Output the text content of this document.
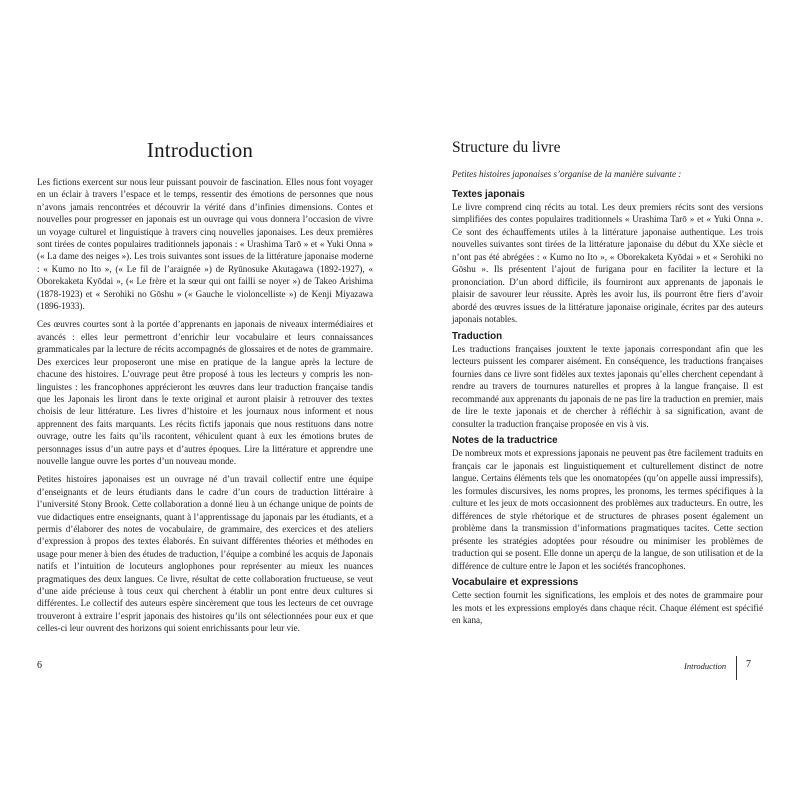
Introduction

Les fictions exercent sur nous leur puissant pouvoir de fascination. Elles nous font voyager en un éclair à travers l’espace et le temps, ressentir des émotions de personnes que nous n’avons jamais rencontrées et découvrir la vérité dans d’infinies dimensions. Contes et nouvelles pour progresser en japonais est un ouvrage qui vous donnera l’occasion de vivre un voyage culturel et linguistique à travers cinq nouvelles japonaises. Les deux premières sont tirées de contes populaires traditionnels japonais : « Urashima Tarō » et « Yuki Onna » (« La dame des neiges »). Les trois suivantes sont issues de la littérature japonaise moderne : « Kumo no Ito », (« Le fil de l’araignée ») de Ryūnosuke Akutagawa (1892-1927), « Oborekaketa Kyōdai », (« Le frère et la sœur qui ont failli se noyer ») de Takeo Arishima (1878-1923) et « Serohiki no Gōshu » (« Gauche le violoncelliste ») de Kenji Miyazawa (1896-1933).

Ces œuvres courtes sont à la portée d’apprenants en japonais de niveaux intermédiaires et avancés : elles leur permettront d’enrichir leur vocabulaire et leurs connaissances grammaticales par la lecture de récits accompagnés de glossaires et de notes de grammaire. Des exercices leur proposeront une mise en pratique de la langue après la lecture de chacune des histoires. L’ouvrage peut être proposé à tous les lecteurs y compris les non-linguistes : les francophones apprécieront les œuvres dans leur traduction française tandis que les Japonais les liront dans le texte original et auront plaisir à retrouver des textes choisis de leur littérature. Les livres d’histoire et les journaux nous informent et nous apprennent des faits marquants. Les récits fictifs japonais que nous restituons dans notre ouvrage, outre les faits qu’ils racontent, véhiculent quant à eux les émotions brutes de personnages issus d’un autre pays et d’autres époques. Lire la littérature et apprendre une nouvelle langue ouvre les portes d’un nouveau monde.

Petites histoires japonaises est un ouvrage né d’un travail collectif entre une équipe d’enseignants et de leurs étudiants dans le cadre d’un cours de traduction littéraire à l’université Stony Brook. Cette collaboration a donné lieu à un échange unique de points de vue didactiques entre enseignants, quant à l’apprentissage du japonais par les étudiants, et a permis d’élaborer des notes de vocabulaire, de grammaire, des exercices et des ateliers d’expression à propos des textes élaborés. En suivant différentes théories et méthodes en usage pour mener à bien des études de traduction, l’équipe a combiné les acquis de Japonais natifs et l’intuition de locuteurs anglophones pour représenter au mieux les nuances pragmatiques des deux langues. Ce livre, résultat de cette collaboration fructueuse, se veut d’une aide précieuse à tous ceux qui cherchent à établir un pont entre deux cultures si différentes. Le collectif des auteurs espère sincèrement que tous les lecteurs de cet ouvrage trouveront à extraire l’esprit japonais des histoires qu’ils ont sélectionnées pour eux et que celles-ci leur ouvrent des horizons qui soient enrichissants pour leur vie.

6
Structure du livre

Petites histoires japonaises s’organise de la manière suivante :

Textes japonais

Le livre comprend cinq récits au total. Les deux premiers récits sont des versions simplifiées des contes populaires traditionnels « Urashima Tarō » et « Yuki Onna ». Ce sont des échauffements utiles à la littérature japonaise authentique. Les trois nouvelles suivantes sont tirées de la littérature japonaise du début du XXe siècle et n’ont pas été abrégées : « Kumo no Ito », « Oborekaketa Kyōdai » et « Serohiki no Gōshu ». Ils présentent l’ajout de furigana pour en faciliter la lecture et la prononciation. D’un abord difficile, ils fourniront aux apprenants de japonais le plaisir de savourer leur réussite. Après les avoir lus, ils pourront être fiers d’avoir abordé des œuvres issues de la littérature japonaise originale, écrites par des auteurs japonais notables.

Traduction

Les traductions françaises jouxtent le texte japonais correspondant afin que les lecteurs puissent les comparer aisément. En conséquence, les traductions françaises fournies dans ce livre sont fidèles aux textes japonais qu’elles cherchent cependant à rendre au travers de tournures naturelles et propres à la langue française. Il est recommandé aux apprenants du japonais de ne pas lire la traduction en premier, mais de lire le texte japonais et de chercher à réfléchir à sa signification, avant de consulter la traduction française proposée en vis à vis.

Notes de la traductrice

De nombreux mots et expressions japonais ne peuvent pas être facilement traduits en français car le japonais est linguistiquement et culturellement distinct de notre langue. Certains éléments tels que les onomatopées (qu’on appelle aussi impressifs), les formules discursives, les noms propres, les pronoms, les termes spécifiques à la culture et les jeux de mots occasionnent des problèmes aux traducteurs. En outre, les différences de style rhétorique et de structures de phrases posent également un problème dans la transmission d’informations pragmatiques tacites. Cette section présente les stratégies adoptées pour résoudre ou minimiser les problèmes de traduction qui se posent. Elle donne un aperçu de la langue, de son utilisation et de la différence de culture entre le Japon et les sociétés francophones.

Vocabulaire et expressions

Cette section fournit les significations, les emplois et des notes de grammaire pour les mots et les expressions employés dans chaque récit. Chaque élément est spécifié en kana,

Introduction 7
